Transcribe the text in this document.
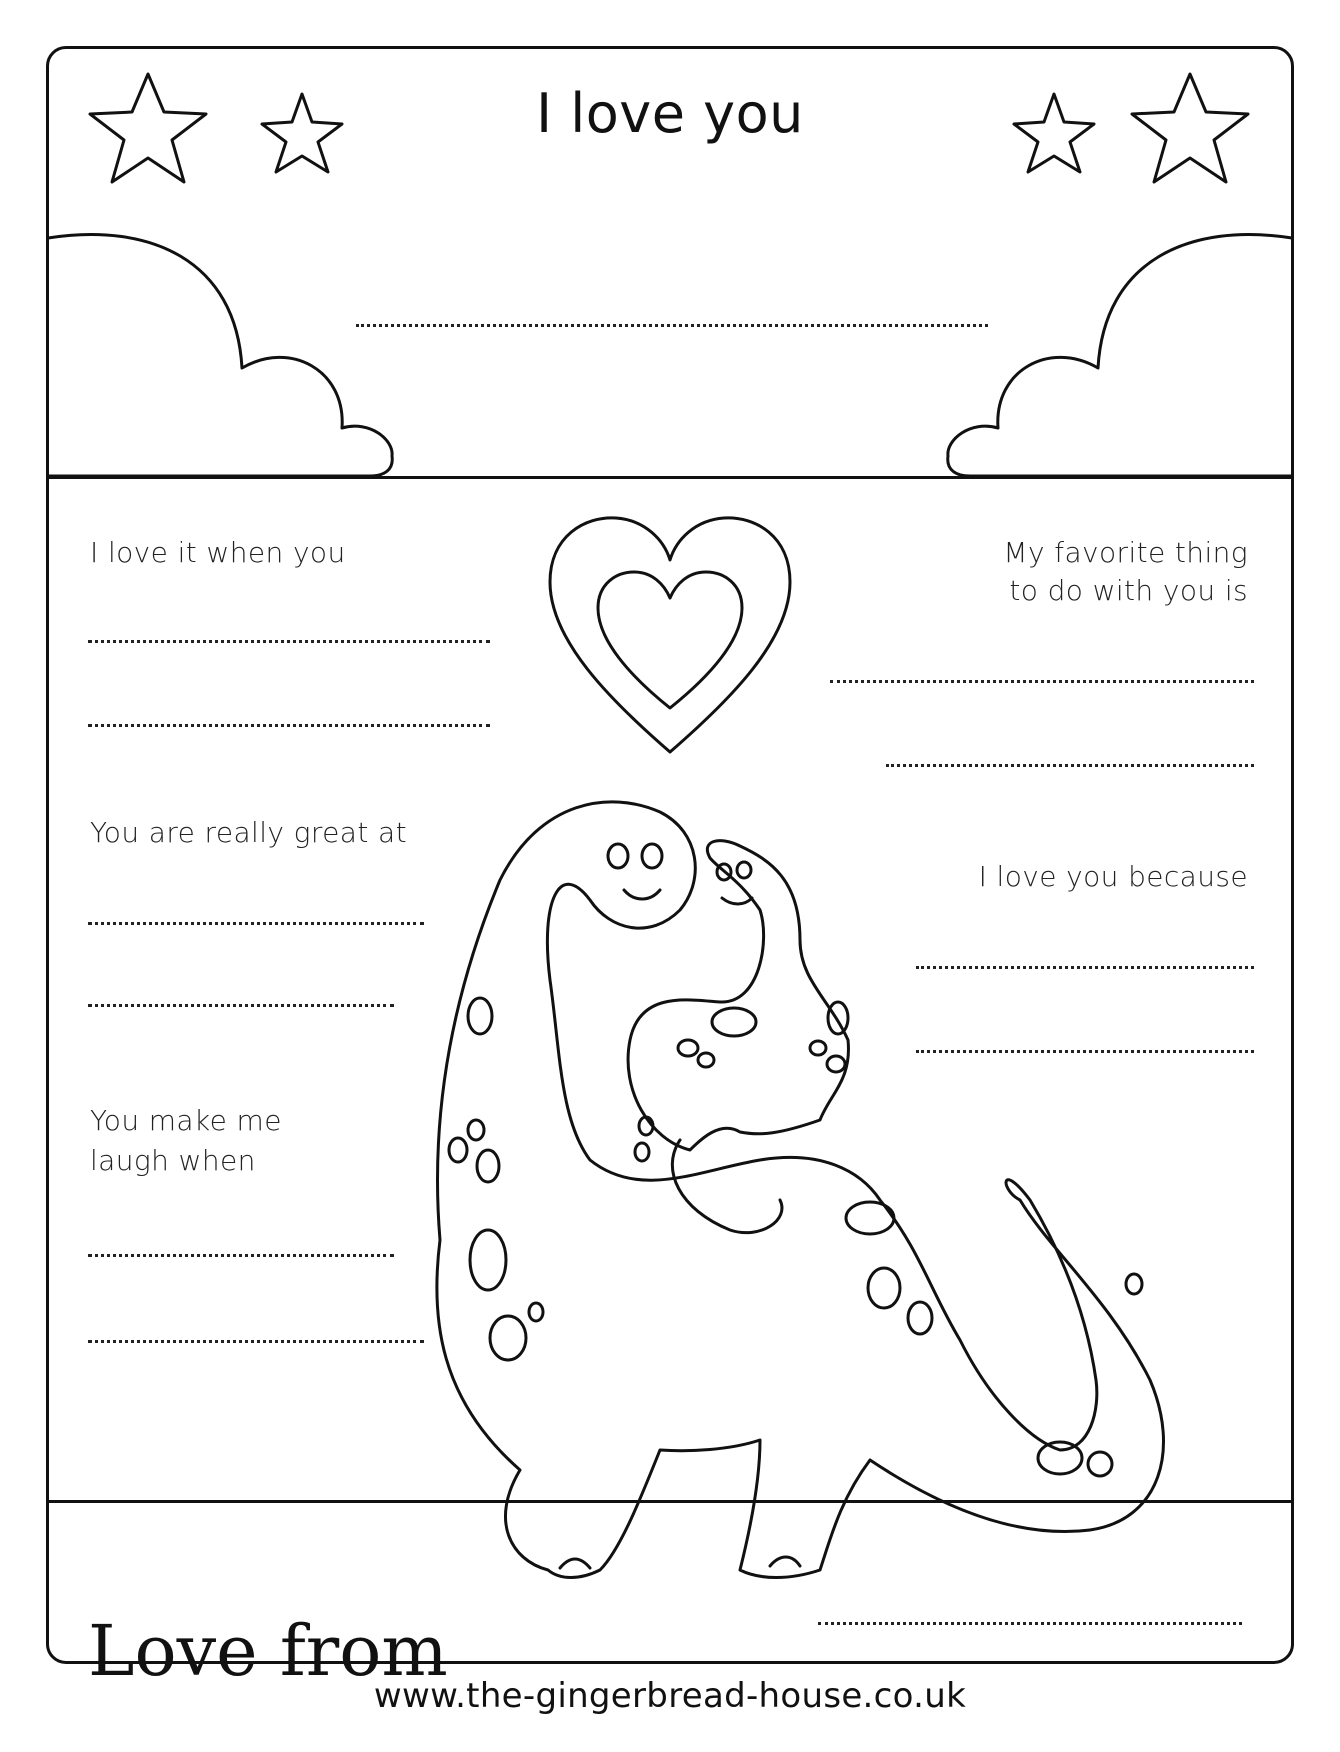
I love you
I love it when you	My favorite thing
to do with you is
You are really great at
I love you because
You make me
laugh when
Love from
www.the-gingerbread-house.co.uk
